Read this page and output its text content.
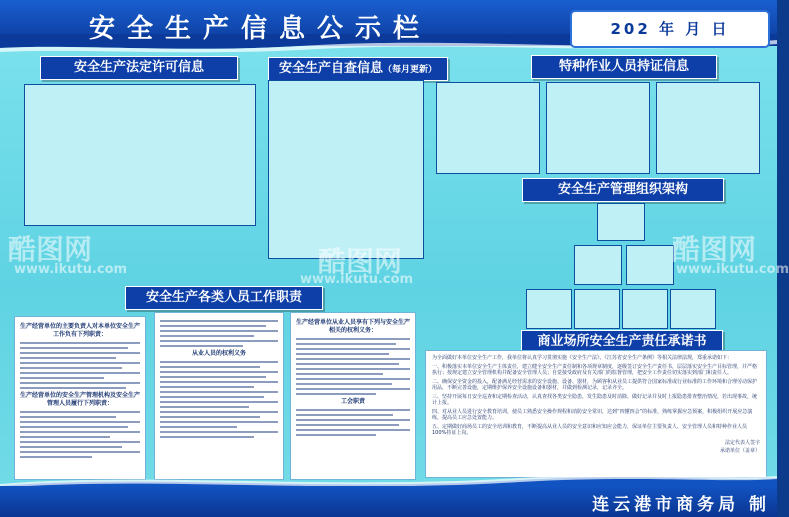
安全生产信息公示栏	202 年 月 日
安全生产法定许可信息	安全生产自查信息（每月更新）	特种作业人员持证信息
安全生产管理组织架构
安全生产各类人员工作职责
生产经营单位的主要负责人对本单位安全生产工作负有下列职责：
生产经营单位的安全生产管理机构及安全生产管理人员履行下列职责：
从业人员的权利义务
生产经营单位从业人员享有下列与安全生产相关的权利义务：
工会职责
商业场所安全生产责任承诺书

为全面做好本单位安全生产工作，我单位将认真学习贯彻实施《安全生产法》、《江苏省安全生产条例》等相关法律法规，郑重承诺如下：

一、积极落实本单位安全生产主体责任，建立健全安全生产责任制和各项规章制度，逐级签订安全生产责任书，层层落实安全生产目标管理，并严格执行；按规定建立安全管理机构并配备安全管理人员；自觉接受政府及有关部门的监督管理，把安全工作责任切实落实到部门和责任人。

二、确保安全资金的投入，配备满足经营需求的安全设施、设备、器材，为顾客和从业员工提供符合国家标准或行业标准的工作环境和合理劳动保护用品，不断完善设施，定期维护保养安全设施设备和器材，并做到检测记录，记录齐全。

三、坚持开展每日安全巡查和定期检查活动，认真查找各类安全隐患，发生隐患及时消除，做好记录并及时上报隐患排查整治情况，若出现事故，统计上报。

四、对从业人员进行安全教育培训，使员工熟悉安全操作规程和消防安全常识，达到“四懂四会”的标准，熟练掌握应急预案，积极组织开展应急演练，提高员工应急处置能力。

五、定期做好商场员工的安全培训和教育，不断提高从业人员的安全意识和应知应会能力，保证单位主要负责人、安全管理人员和特种作业人员100%持证上岗。

法定代表人签字

承诺单位（盖章）

连云港市商务局 制
酷图网
www.ikutu.com	酷图网
www.ikutu.com
酷图网
www.ikutu.com
